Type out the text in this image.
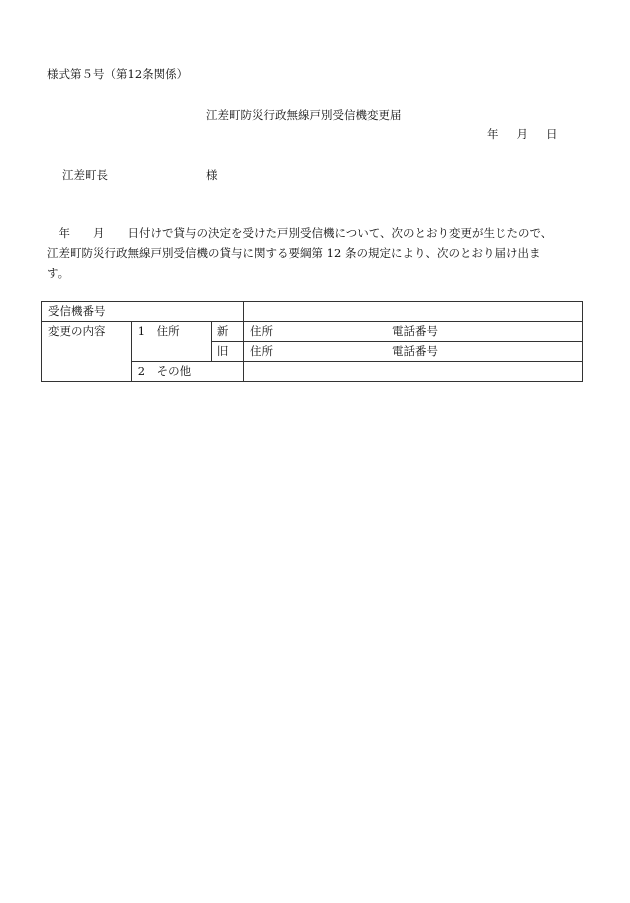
様式第５号（第12条関係）
江差町防災行政無線戸別受信機変更届
年 月 日
江差町長	様
　年　　月　　日付けで貸与の決定を受けた戸別受信機について、次のとおり変更が生じたので、
江差町防災行政無線戸別受信機の貸与に関する要綱第 12 条の規定により、次のとおり届け出ま
す。
受信機番号			
変更の内容	1　住所	新	住所 電話番号

		旧	住所 電話番号

	2　その他		
